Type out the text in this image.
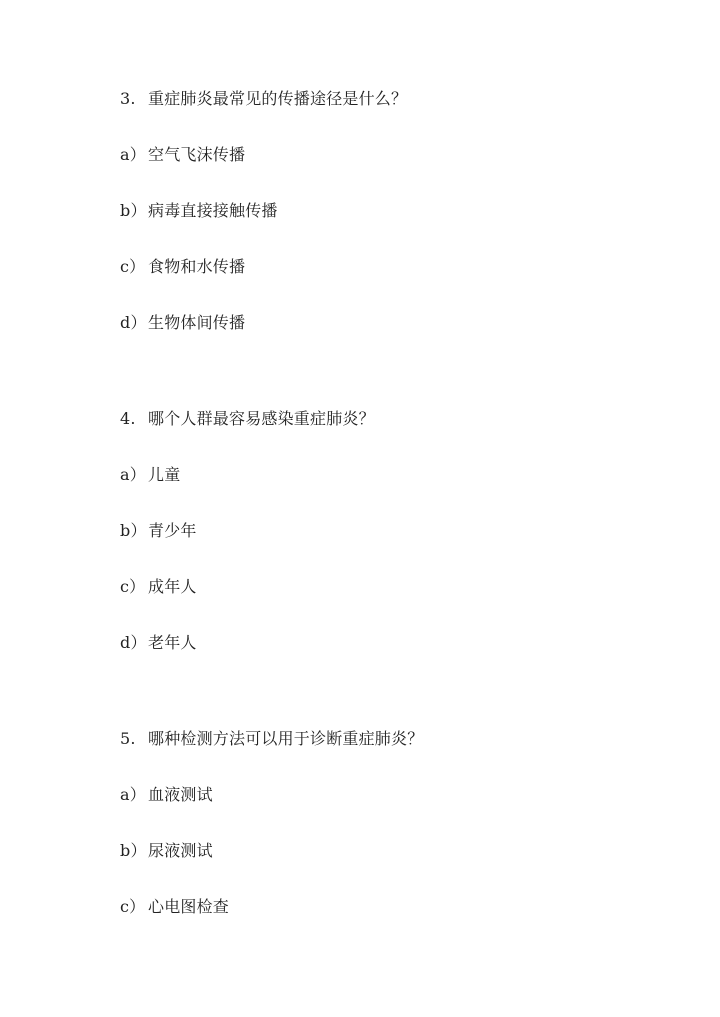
3. 重症肺炎最常见的传播途径是什么？
a） 空气飞沫传播
b）病毒直接接触传播
c） 食物和水传播
d）生物体间传播
4. 哪个人群最容易感染重症肺炎？
a） 儿童
b）青少年
c） 成年人
d）老年人
5. 哪种检测方法可以用于诊断重症肺炎？
a） 血液测试
b）尿液测试
c） 心电图检查
